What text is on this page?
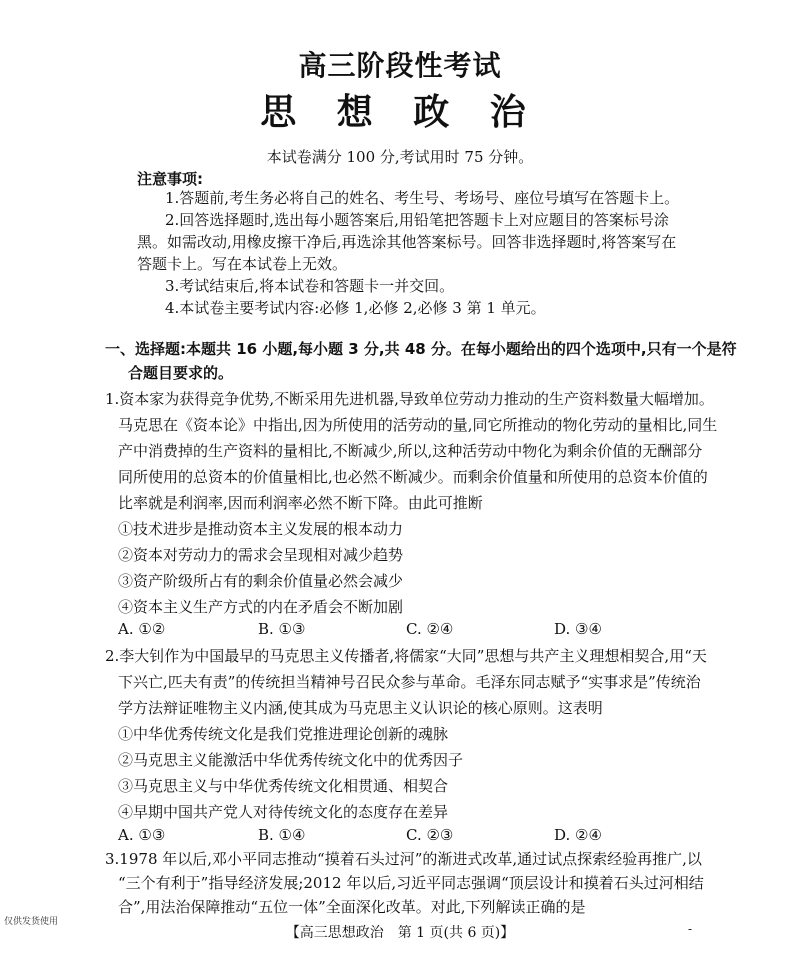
高三阶段性考试
思 想 政 治
本试卷满分 100 分,考试用时 75 分钟。
注意事项:
1.答题前,考生务必将自己的姓名、考生号、考场号、座位号填写在答题卡上。
2.回答选择题时,选出每小题答案后,用铅笔把答题卡上对应题目的答案标号涂
黑。如需改动,用橡皮擦干净后,再选涂其他答案标号。回答非选择题时,将答案写在
答题卡上。写在本试卷上无效。
3.考试结束后,将本试卷和答题卡一并交回。
4.本试卷主要考试内容:必修 1,必修 2,必修 3 第 1 单元。
一、选择题:本题共 16 小题,每小题 3 分,共 48 分。在每小题给出的四个选项中,只有一个是符
合题目要求的。
1.资本家为获得竞争优势,不断采用先进机器,导致单位劳动力推动的生产资料数量大幅增加。
马克思在《资本论》中指出,因为所使用的活劳动的量,同它所推动的物化劳动的量相比,同生
产中消费掉的生产资料的量相比,不断减少,所以,这种活劳动中物化为剩余价值的无酬部分
同所使用的总资本的价值量相比,也必然不断减少。而剩余价值量和所使用的总资本价值的
比率就是利润率,因而利润率必然不断下降。由此可推断
①技术进步是推动资本主义发展的根本动力
②资本对劳动力的需求会呈现相对减少趋势
③资产阶级所占有的剩余价值量必然会减少
④资本主义生产方式的内在矛盾会不断加剧
A. ①②	B. ①③	C. ②④	D. ③④
2.李大钊作为中国最早的马克思主义传播者,将儒家“大同”思想与共产主义理想相契合,用“天
下兴亡,匹夫有责”的传统担当精神号召民众参与革命。毛泽东同志赋予“实事求是”传统治
学方法辩证唯物主义内涵,使其成为马克思主义认识论的核心原则。这表明
①中华优秀传统文化是我们党推进理论创新的魂脉
②马克思主义能激活中华优秀传统文化中的优秀因子
③马克思主义与中华优秀传统文化相贯通、相契合
④早期中国共产党人对待传统文化的态度存在差异
A. ①③	B. ①④	C. ②③	D. ②④
3.1978 年以后,邓小平同志推动“摸着石头过河”的渐进式改革,通过试点探索经验再推广,以
“三个有利于”指导经济发展;2012 年以后,习近平同志强调“顶层设计和摸着石头过河相结
合”,用法治保障推动“五位一体”全面深化改革。对此,下列解读正确的是
仅供发货使用
【高三思想政治　第 1 页(共 6 页)】	-
